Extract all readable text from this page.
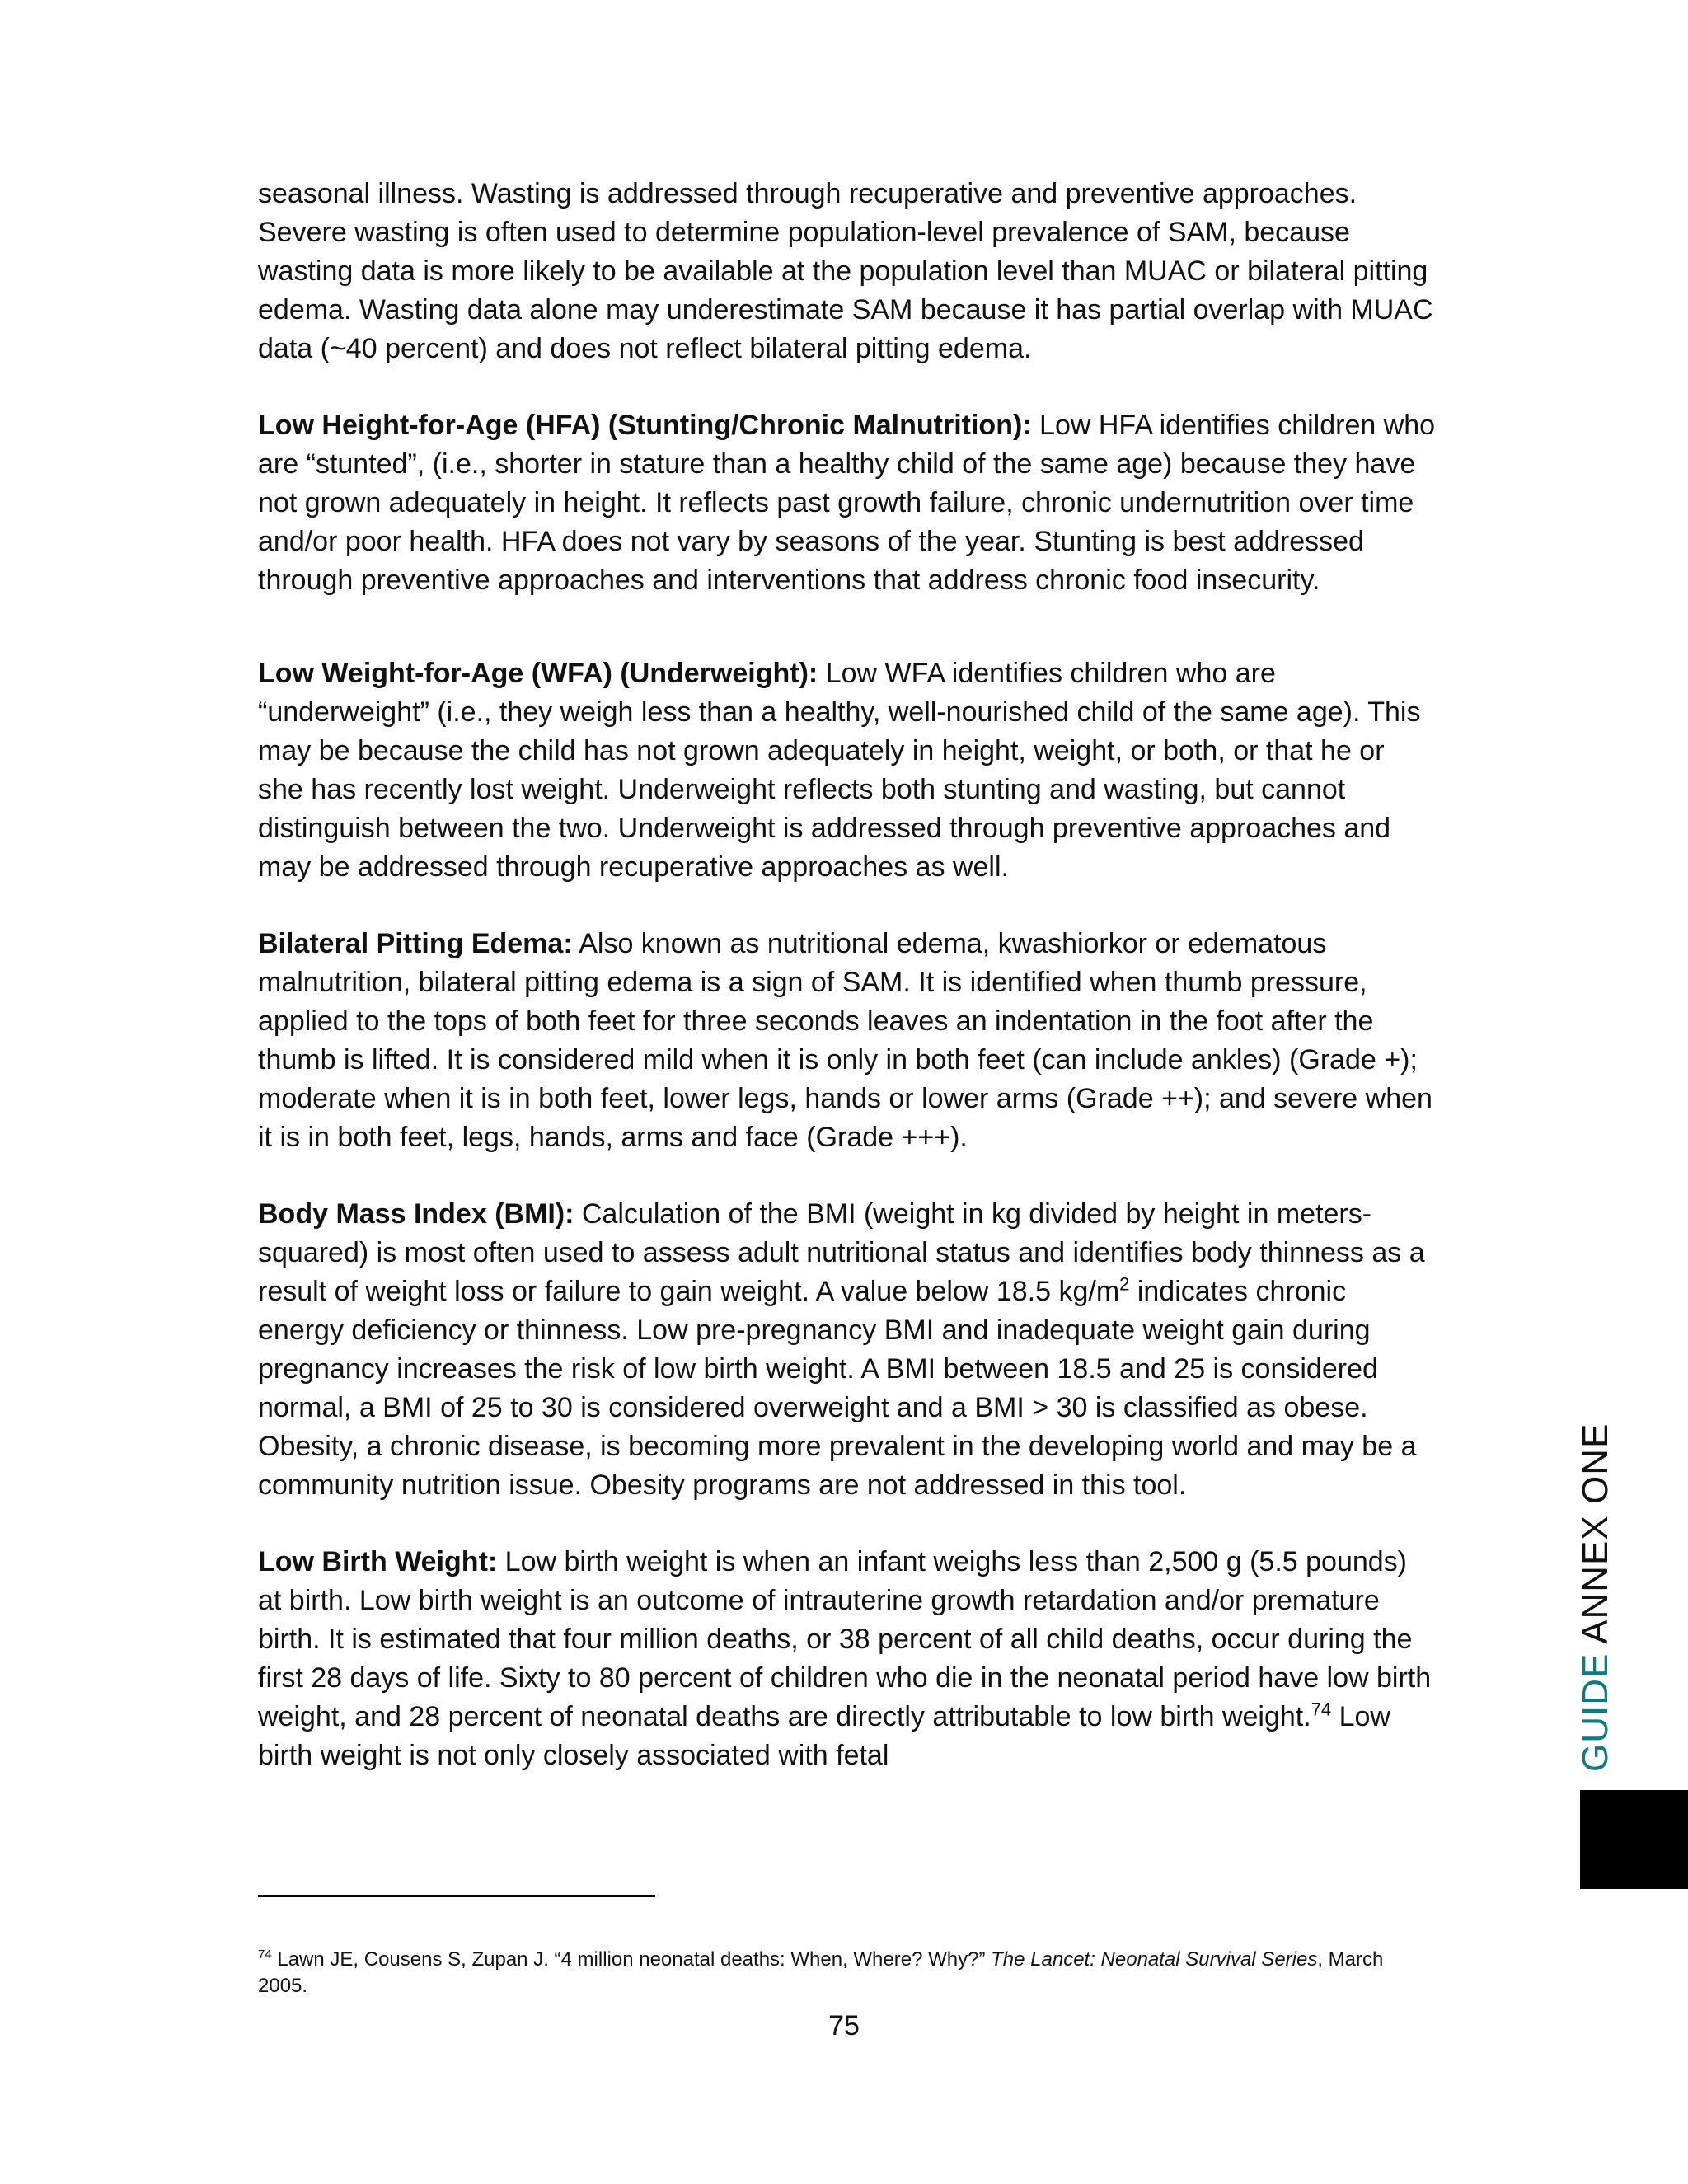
seasonal illness. Wasting is addressed through recuperative and preventive approaches. Severe wasting is often used to determine population-level prevalence of SAM, because wasting data is more likely to be available at the population level than MUAC or bilateral pitting edema. Wasting data alone may underestimate SAM because it has partial overlap with MUAC data (~40 percent) and does not reflect bilateral pitting edema.

Low Height-for-Age (HFA) (Stunting/Chronic Malnutrition): Low HFA identifies children who are “stunted”, (i.e., shorter in stature than a healthy child of the same age) because they have not grown adequately in height. It reflects past growth failure, chronic undernutrition over time and/or poor health. HFA does not vary by seasons of the year. Stunting is best addressed through preventive approaches and interventions that address chronic food insecurity.

Low Weight-for-Age (WFA) (Underweight): Low WFA identifies children who are “underweight” (i.e., they weigh less than a healthy, well-nourished child of the same age). This may be because the child has not grown adequately in height, weight, or both, or that he or she has recently lost weight. Underweight reflects both stunting and wasting, but cannot distinguish between the two. Underweight is addressed through preventive approaches and may be addressed through recuperative approaches as well.

Bilateral Pitting Edema: Also known as nutritional edema, kwashiorkor or edematous malnutrition, bilateral pitting edema is a sign of SAM. It is identified when thumb pressure, applied to the tops of both feet for three seconds leaves an indentation in the foot after the thumb is lifted. It is considered mild when it is only in both feet (can include ankles) (Grade +); moderate when it is in both feet, lower legs, hands or lower arms (Grade ++); and severe when it is in both feet, legs, hands, arms and face (Grade +++).

Body Mass Index (BMI): Calculation of the BMI (weight in kg divided by height in meters-squared) is most often used to assess adult nutritional status and identifies body thinness as a result of weight loss or failure to gain weight. A value below 18.5 $kg/m^2$ indicates chronic energy deficiency or thinness. Low pre-pregnancy BMI and inadequate weight gain during pregnancy increases the risk of low birth weight. A BMI between 18.5 and 25 is considered normal, a BMI of 25 to 30 is considered overweight and a BMI > 30 is classified as obese. Obesity, a chronic disease, is becoming more prevalent in the developing world and may be a community nutrition issue. Obesity programs are not addressed in this tool.

Low Birth Weight: Low birth weight is when an infant weighs less than 2,500 g (5.5 pounds) at birth. Low birth weight is an outcome of intrauterine growth retardation and/or premature birth. It is estimated that four million deaths, or 38 percent of all child deaths, occur during the first 28 days of life. Sixty to 80 percent of children who die in the neonatal period have low birth weight, and 28 percent of neonatal deaths are directly attributable to low birth weight.$^{74}$ Low birth weight is not only closely associated with fetal

$^{74}$ Lawn JE, Cousens S, Zupan J. “4 million neonatal deaths: When, Where? Why?” The Lancet: Neonatal Survival Series, March 2005.
75
GUIDE ANNEX ONE
